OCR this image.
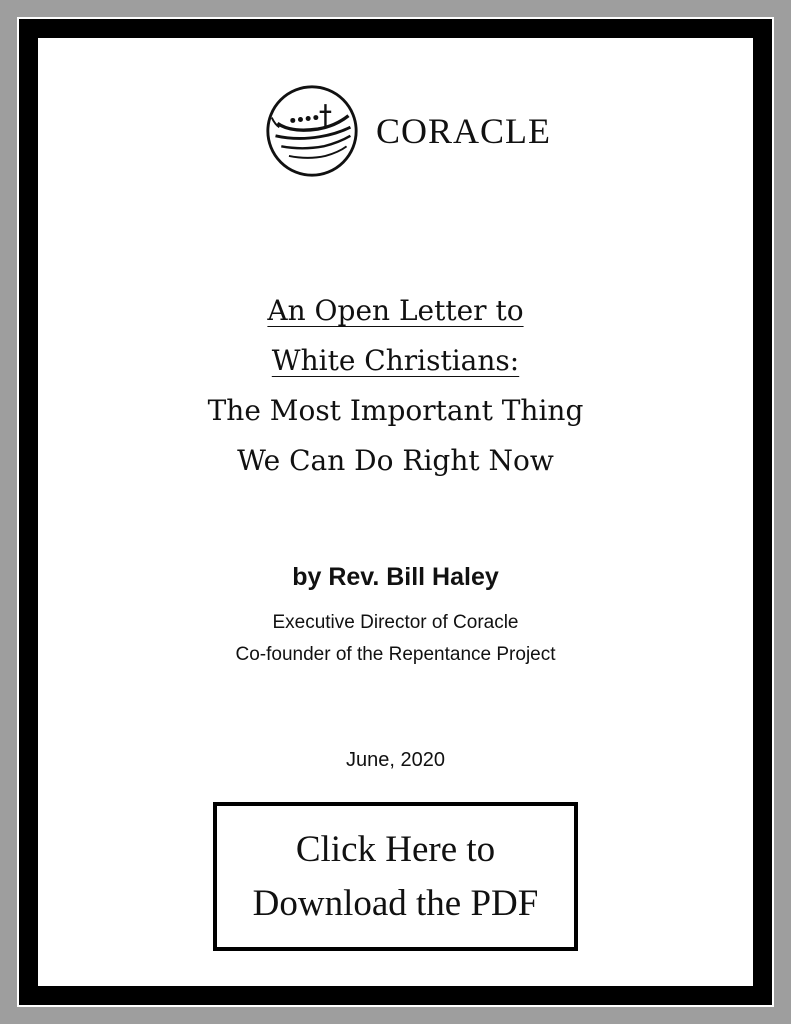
CORACLE
An Open Letter to
White Christians:
The Most Important Thing
We Can Do Right Now
by Rev. Bill Haley
Executive Director of Coracle
Co-founder of the Repentance Project
June, 2020
Click Here to
Download the PDF
